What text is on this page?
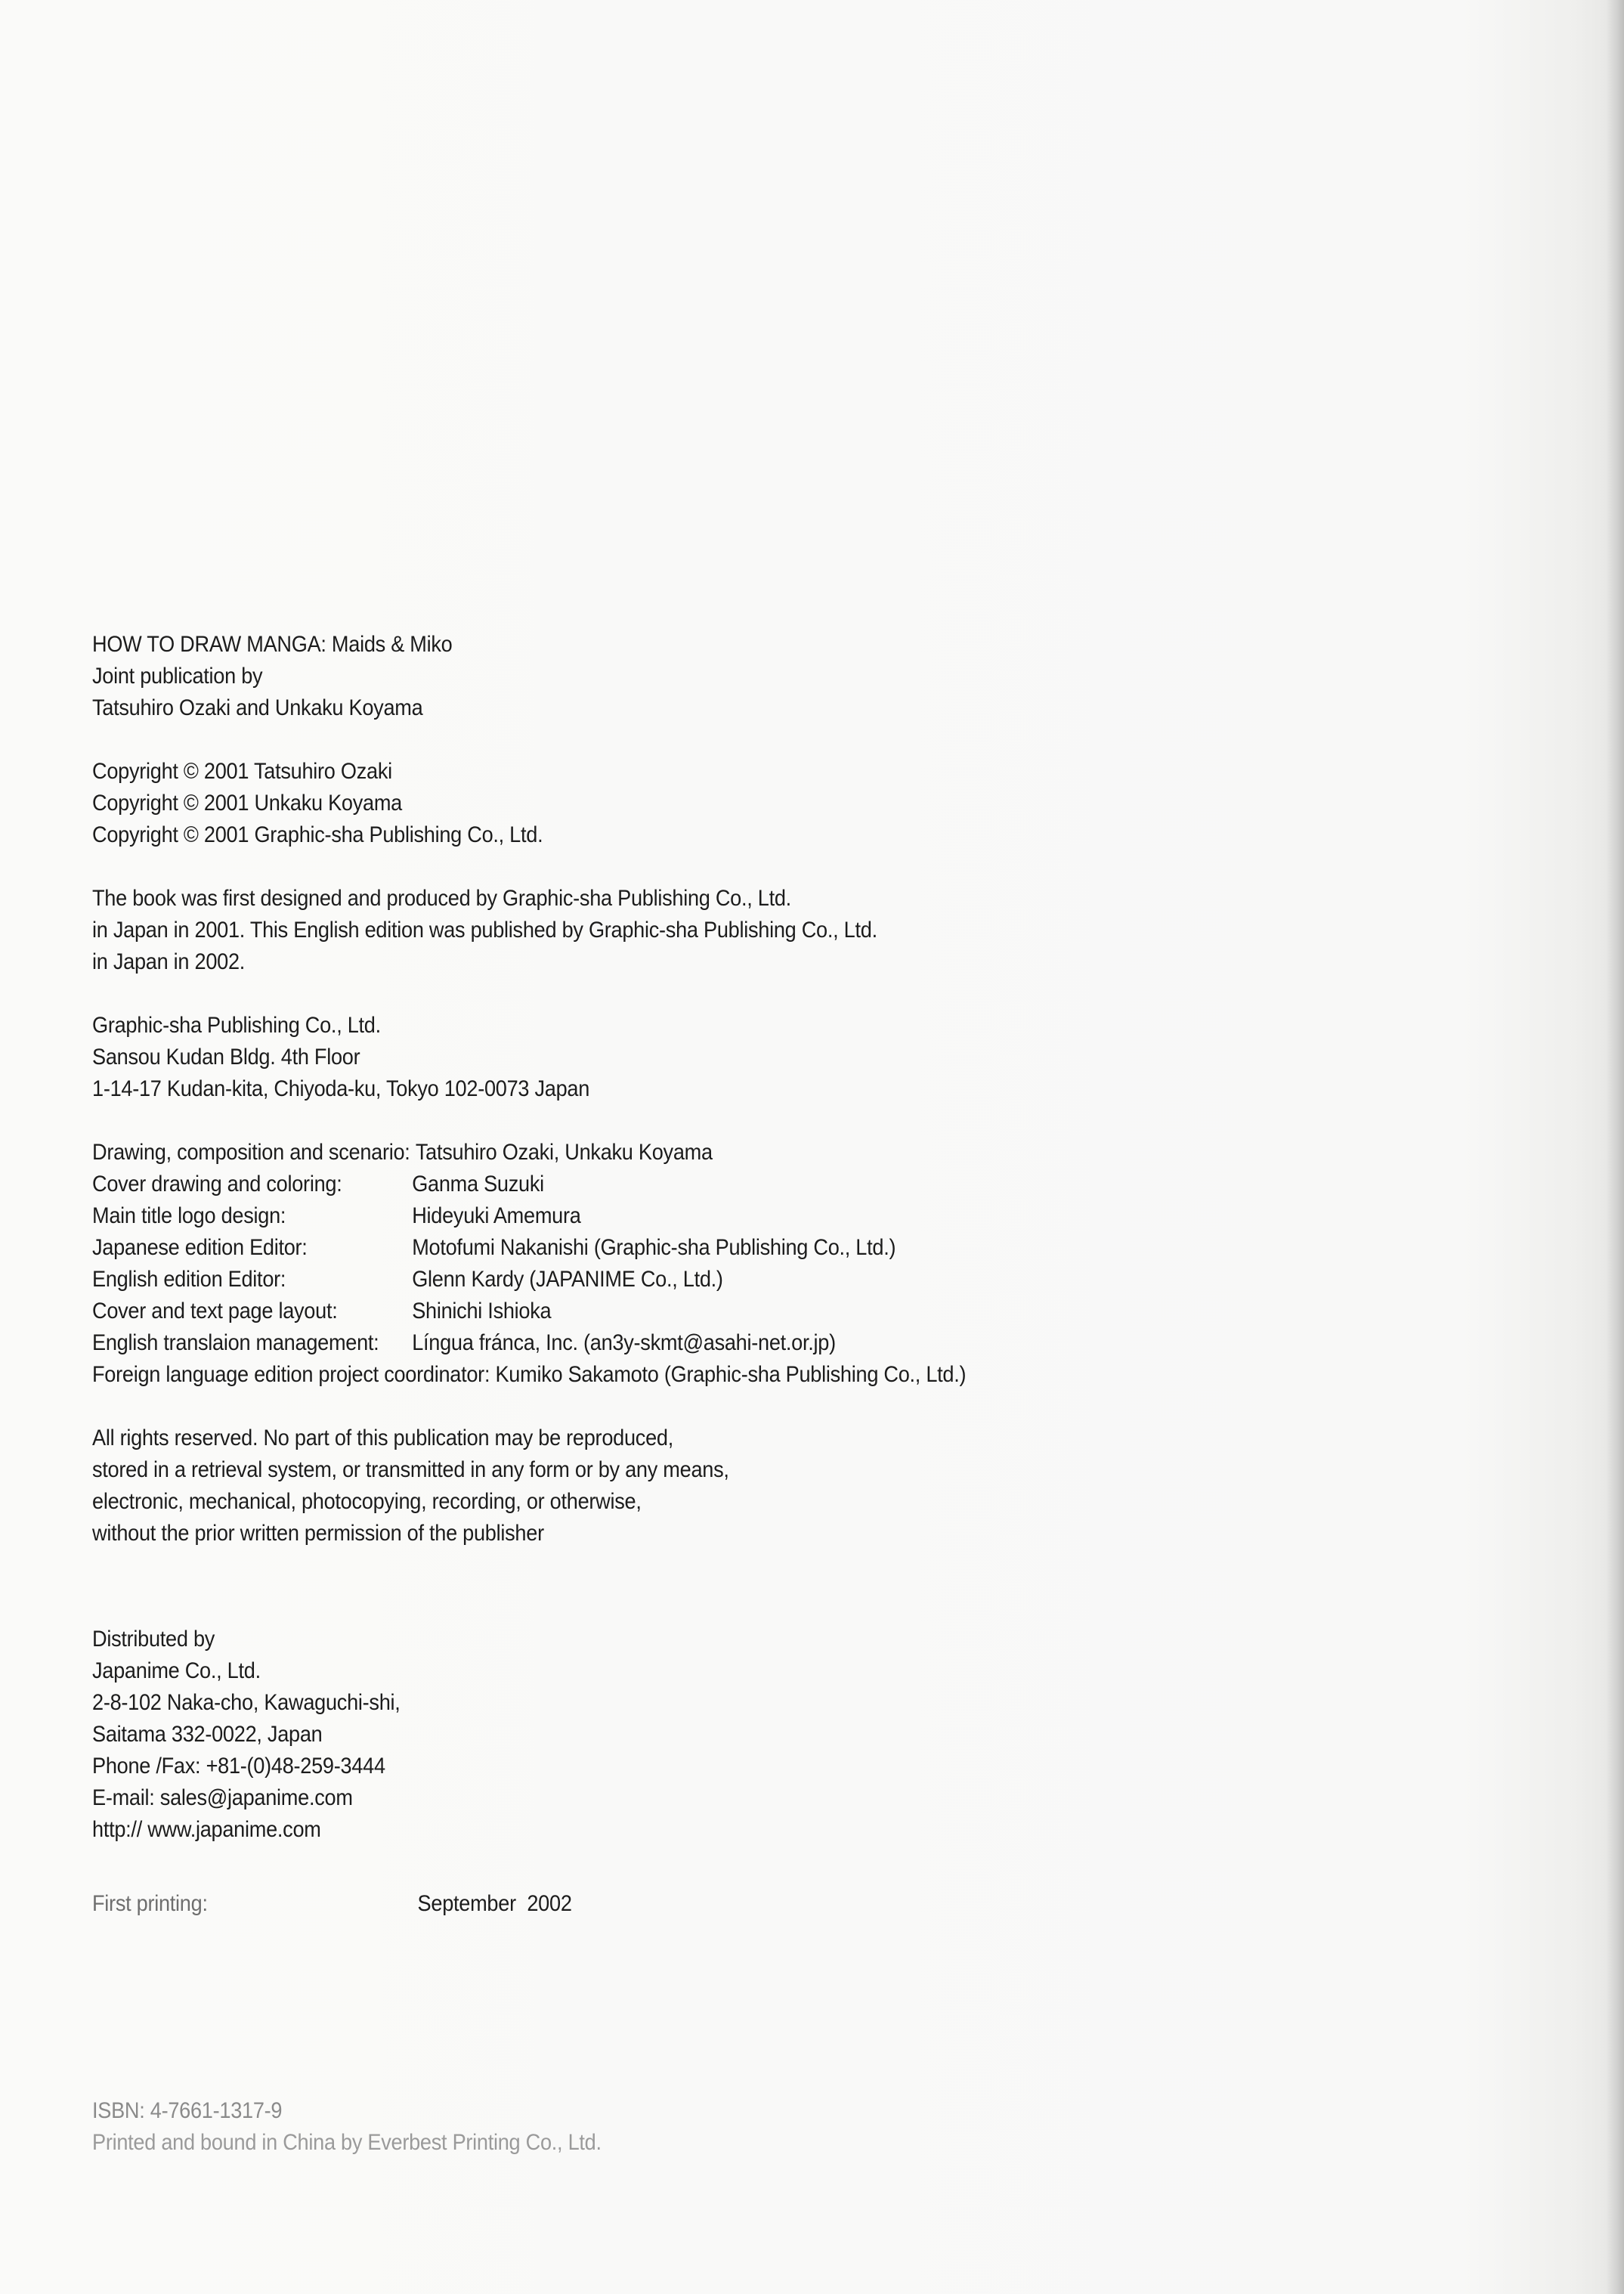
HOW TO DRAW MANGA: Maids & Miko
Joint publication by
Tatsuhiro Ozaki and Unkaku Koyama
Copyright © 2001 Tatsuhiro Ozaki
Copyright © 2001 Unkaku Koyama
Copyright © 2001 Graphic-sha Publishing Co., Ltd.
The book was first designed and produced by Graphic-sha Publishing Co., Ltd.
in Japan in 2001. This English edition was published by Graphic-sha Publishing Co., Ltd.
in Japan in 2002.
Graphic-sha Publishing Co., Ltd.
Sansou Kudan Bldg. 4th Floor
1-14-17 Kudan-kita, Chiyoda-ku, Tokyo 102-0073 Japan
Drawing, composition and scenario:
Tatsuhiro Ozaki, Unkaku Koyama
Cover drawing and coloring:	Ganma Suzuki
Main title logo design:	Hideyuki Amemura
Japanese edition Editor:	Motofumi Nakanishi (Graphic-sha Publishing Co., Ltd.)
English edition Editor:	Glenn Kardy (JAPANIME Co., Ltd.)
Cover and text page layout:	Shinichi Ishioka
English translaion management:	Língua fránca, Inc. (an3y-skmt@asahi-net.or.jp)
Foreign language edition project coordinator:
Kumiko Sakamoto (Graphic-sha Publishing Co., Ltd.)
All rights reserved. No part of this publication may be reproduced,
stored in a retrieval system, or transmitted in any form or by any means,
electronic, mechanical, photocopying, recording, or otherwise,
without the prior written permission of the publisher
Distributed by
Japanime Co., Ltd.
2-8-102 Naka-cho, Kawaguchi-shi,
Saitama 332-0022, Japan
Phone /Fax: +81-(0)48-259-3444
E-mail: sales@japanime.com
http:// www.japanime.com
First printing:	September  2002
ISBN: 4-7661-1317-9
Printed and bound in China by Everbest Printing Co., Ltd.
